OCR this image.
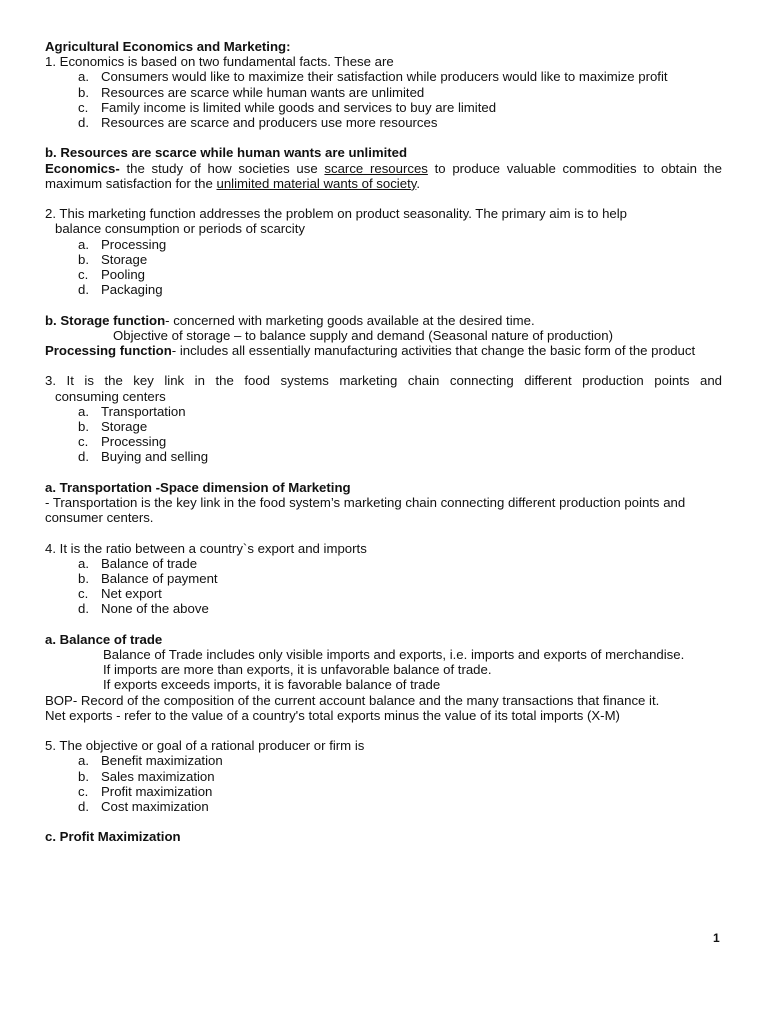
Agricultural Economics and Marketing:
1. Economics is based on two fundamental facts. These are
a. Consumers would like to maximize their satisfaction while producers would like to maximize profit
b. Resources are scarce while human wants are unlimited
c. Family income is limited while goods and services to buy are limited
d. Resources are scarce and producers use more resources
b. Resources are scarce while human wants are unlimited
Economics- the study of how societies use scarce resources to produce valuable commodities to obtain the maximum satisfaction for the unlimited material wants of society.
2. This marketing function addresses the problem on product seasonality. The primary aim is to help
balance consumption or periods of scarcity
a. Processing
b. Storage
c. Pooling
d. Packaging
b. Storage function- concerned with marketing goods available at the desired time.
Objective of storage – to balance supply and demand (Seasonal nature of production)
Processing function- includes all essentially manufacturing activities that change the basic form of the product
3. It is the key link in the food systems marketing chain connecting different production points and
consuming centers
a. Transportation
b. Storage
c. Processing
d. Buying and selling
a. Transportation -Space dimension of Marketing
- Transportation is the key link in the food system’s marketing chain connecting different production points and consumer centers.
4. It is the ratio between a country`s export and imports
a. Balance of trade
b. Balance of payment
c. Net export
d. None of the above
a. Balance of trade
Balance of Trade includes only visible imports and exports, i.e. imports and exports of merchandise.
If imports are more than exports, it is unfavorable balance of trade.
If exports exceeds imports, it is favorable balance of trade
BOP- Record of the composition of the current account balance and the many transactions that finance it.
Net exports - refer to the value of a country's total exports minus the value of its total imports (X-M)
5. The objective or goal of a rational producer or firm is
a. Benefit maximization
b. Sales maximization
c. Profit maximization
d. Cost maximization
c. Profit Maximization
1
